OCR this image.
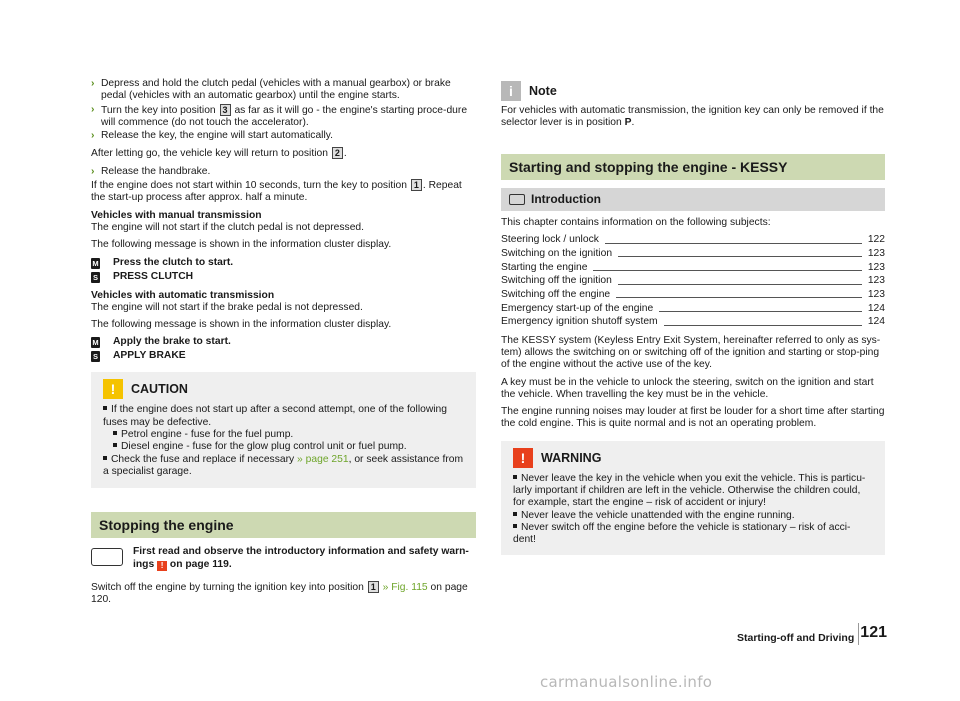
› Depress and hold the clutch pedal (vehicles with a manual gearbox) or brake pedal (vehicles with an automatic gearbox) until the engine starts.
› Turn the key into position 3 as far as it will go - the engine's starting proce-dure will commence (do not touch the accelerator).
› Release the key, the engine will start automatically.
After letting go, the vehicle key will return to position 2 .
› Release the handbrake.
If the engine does not start within 10 seconds, turn the key to position 1 . Repeat the start-up process after approx. half a minute.
Vehicles with manual transmission
The engine will not start if the clutch pedal is not depressed.
The following message is shown in the information cluster display.
M Press the clutch to start.
S PRESS CLUTCH
Vehicles with automatic transmission
The engine will not start if the brake pedal is not depressed.
The following message is shown in the information cluster display.
M Apply the brake to start.
S APPLY BRAKE
!	CAUTION
If the engine does not start up after a second attempt, one of the following fuses may be defective.
Petrol engine - fuse for the fuel pump.
Diesel engine - fuse for the glow plug control unit or fuel pump.
Check the fuse and replace if necessary » page 251, or seek assistance from a specialist garage.
Stopping the engine
First read and observe the introductory information and safety warn-ings ! on page 119.
Switch off the engine by turning the ignition key into position 1 » Fig. 115 on page 120.
i	Note
For vehicles with automatic transmission, the ignition key can only be removed if the selector lever is in position P.
Starting and stopping the engine - KESSY
Introduction
This chapter contains information on the following subjects:
Steering lock / unlock	122
Switching on the ignition	123
Starting the engine	123
Switching off the ignition	123
Switching off the engine	123
Emergency start-up of the engine	124
Emergency ignition shutoff system	124
The KESSY system (Keyless Entry Exit System, hereinafter referred to only as sys-tem) allows the switching on or switching off of the ignition and starting or stop-ping of the engine without the active use of the key.
A key must be in the vehicle to unlock the steering, switch on the ignition and start the vehicle. When travelling the key must be in the vehicle.
The engine running noises may louder at first be louder for a short time after starting the cold engine. This is quite normal and is not an operating problem.
!	WARNING
Never leave the key in the vehicle when you exit the vehicle. This is particu-larly important if children are left in the vehicle. Otherwise the children could, for example, start the engine – risk of accident or injury!
Never leave the vehicle unattended with the engine running.
Never switch off the engine before the vehicle is stationary – risk of acci-dent!
Starting-off and Driving 121
carmanualsonline.info
